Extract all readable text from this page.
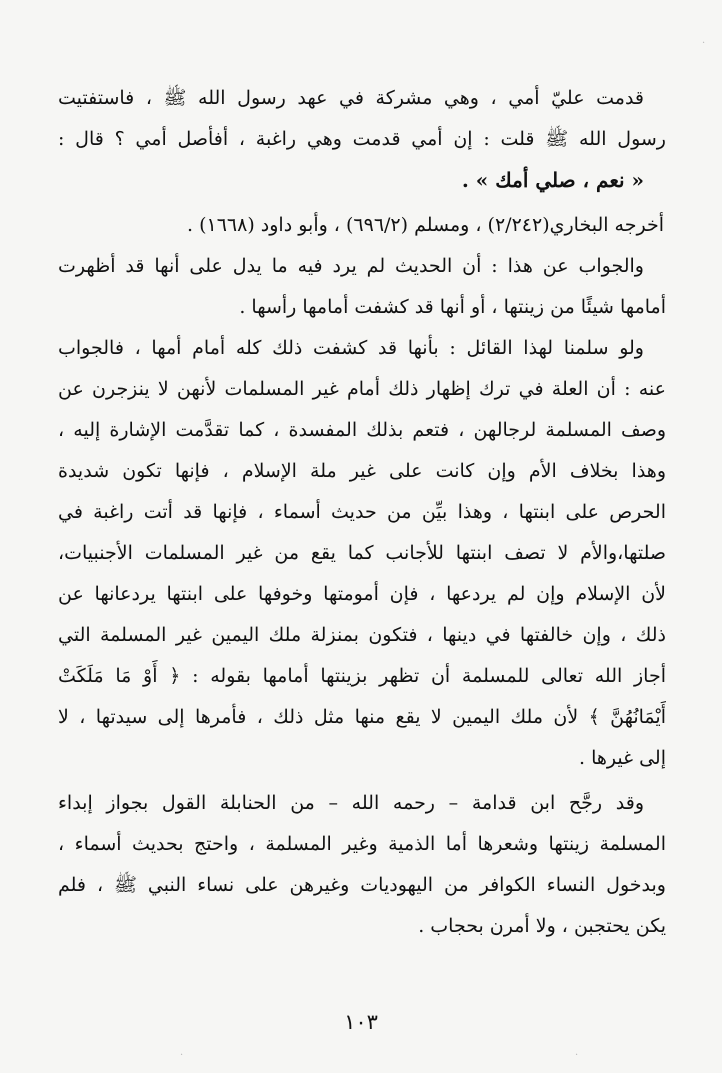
قدمت عليّ أمي ، وهي مشركة في عهد رسول الله ﷺ ، فاستفتيت
رسول الله ﷺ قلت : إن أمي قدمت وهي راغبة ، أفأصل أمي ؟ قال :
« نعم ، صلي أمك » .
أخرجه البخاري(٢/٢٤٢) ، ومسلم (٦٩٦/٢) ، وأبو داود (١٦٦٨) .
والجواب عن هذا : أن الحديث لم يرد فيه ما يدل على أنها قد أظهرت
أمامها شيئًا من زينتها ، أو أنها قد كشفت أمامها رأسها .
ولو سلمنا لهذا القائل : بأنها قد كشفت ذلك كله أمام أمها ، فالجواب
عنه : أن العلة في ترك إظهار ذلك أمام غير المسلمات لأنهن لا ينزجرن عن
وصف المسلمة لرجالهن ، فتعم بذلك المفسدة ، كما تقدَّمت الإشارة إليه ،
وهذا بخلاف الأم وإن كانت على غير ملة الإسلام ، فإنها تكون شديدة
الحرص على ابنتها ، وهذا بيِّن من حديث أسماء ، فإنها قد أتت راغبة في
صلتها،والأم لا تصف ابنتها للأجانب كما يقع من غير المسلمات الأجنبيات،
لأن الإسلام وإن لم يردعها ، فإن أمومتها وخوفها على ابنتها يردعانها عن
ذلك ، وإن خالفتها في دينها ، فتكون بمنزلة ملك اليمين غير المسلمة التي
أجاز الله تعالى للمسلمة أن تظهر بزينتها أمامها بقوله : ﴿ أَوْ مَا مَلَكَتْ
أَيْمَانُهُنَّ ﴾ لأن ملك اليمين لا يقع منها مثل ذلك ، فأمرها إلى سيدتها ، لا
إلى غيرها .
وقد رجَّح ابن قدامة – رحمه الله – من الحنابلة القول بجواز إبداء
المسلمة زينتها وشعرها أما الذمية وغير المسلمة ، واحتج بحديث أسماء ،
وبدخول النساء الكوافر من اليهوديات وغيرهن على نساء النبي ﷺ ، فلم
يكن يحتجبن ، ولا أمرن بحجاب .
١٠٣
·
·	·
